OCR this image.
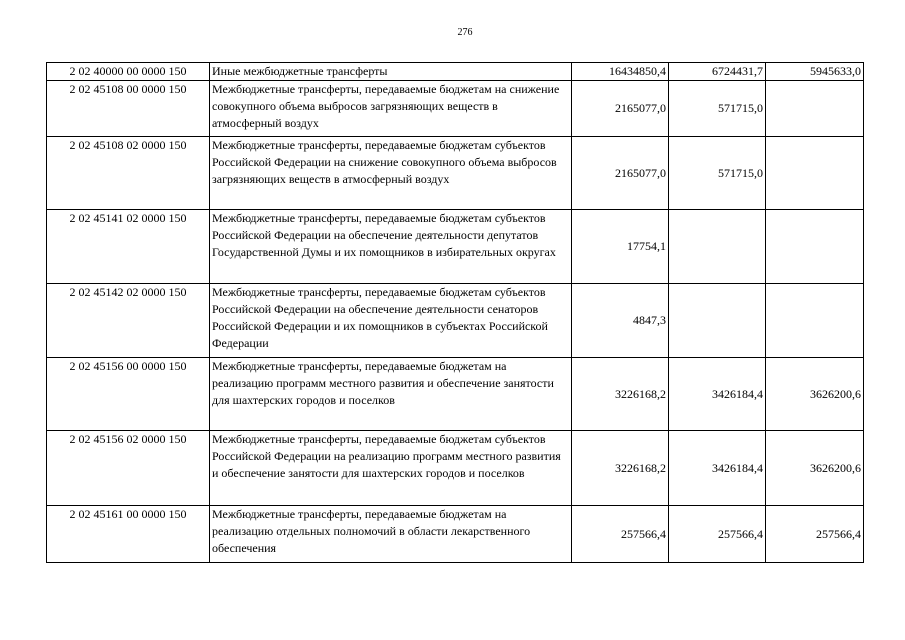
276
2 02 40000 00 0000 150	Иные межбюджетные трансферты	16434850,4	6724431,7	5945633,0
2 02 45108 00 0000 150	Межбюджетные трансферты, передаваемые бюджетам на снижение совокупного объема выбросов загрязняющих веществ в атмосферный воздух	2165077,0	571715,0	
2 02 45108 02 0000 150	Межбюджетные трансферты, передаваемые бюджетам субъектов Российской Федерации на снижение совокупного объема выбросов загрязняющих веществ в атмосферный воздух	2165077,0	571715,0	
2 02 45141 02 0000 150	Межбюджетные трансферты, передаваемые бюджетам субъектов Российской Федерации на обеспечение деятельности депутатов Государственной Думы и их помощников в избирательных округах	17754,1		
2 02 45142 02 0000 150	Межбюджетные трансферты, передаваемые бюджетам субъектов Российской Федерации на обеспечение деятельности сенаторов Российской Федерации и их помощников в субъектах Российской Федерации	4847,3		
2 02 45156 00 0000 150	Межбюджетные трансферты, передаваемые бюджетам на реализацию программ местного развития и обеспечение занятости для шахтерских городов и поселков	3226168,2	3426184,4	3626200,6
2 02 45156 02 0000 150	Межбюджетные трансферты, передаваемые бюджетам субъектов Российской Федерации на реализацию программ местного развития и обеспечение занятости для шахтерских городов и поселков	3226168,2	3426184,4	3626200,6
2 02 45161 00 0000 150	Межбюджетные трансферты, передаваемые бюджетам на реализацию отдельных полномочий в области лекарственного обеспечения	257566,4	257566,4	257566,4
